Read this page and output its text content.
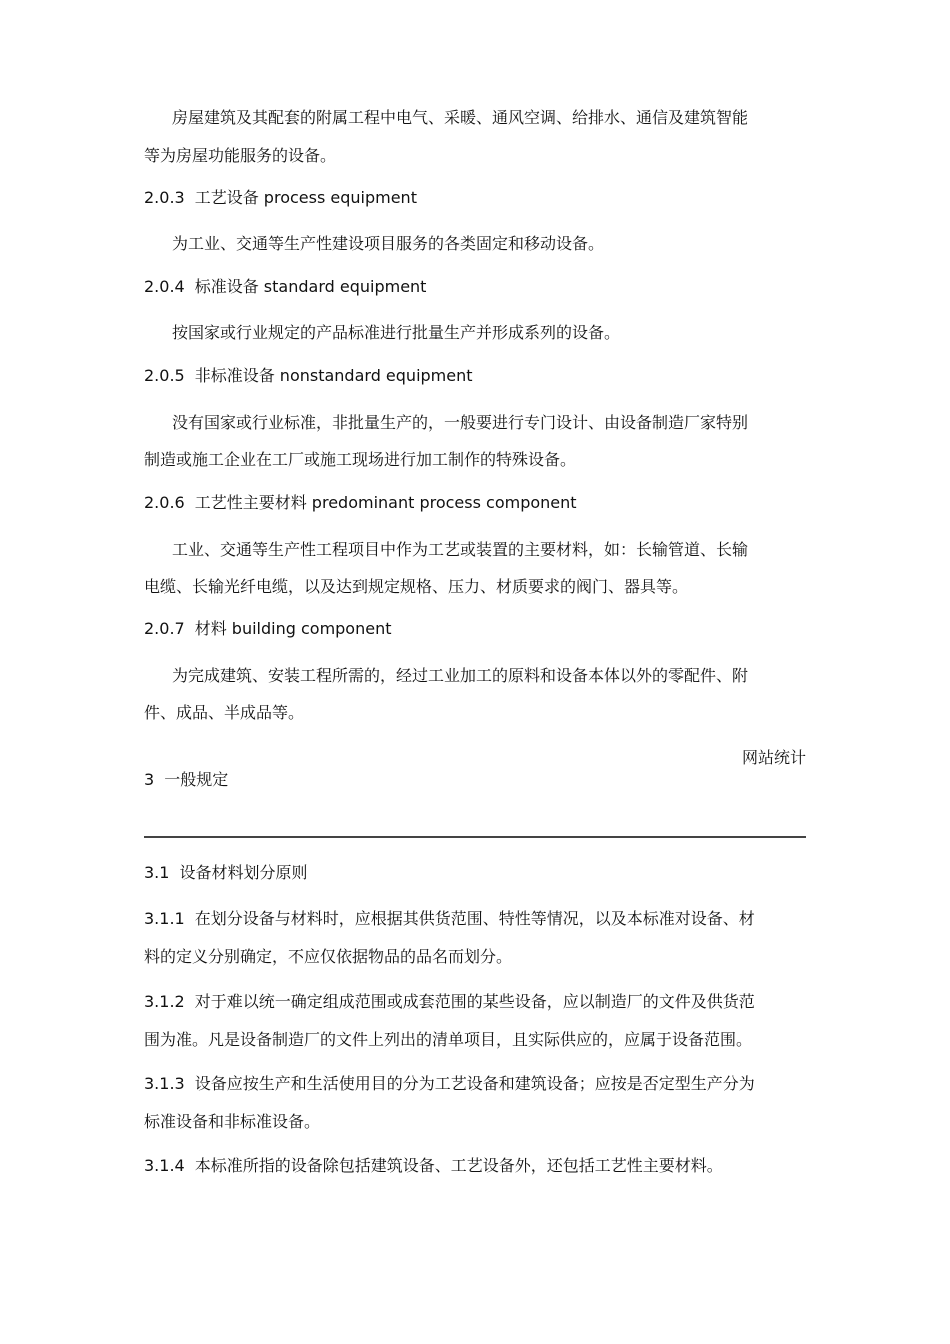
房屋建筑及其配套的附属工程中电气、采暖、通风空调、给排水、通信及建筑智能
等为房屋功能服务的设备。
2.0.3 工艺设备 process equipment
为工业、交通等生产性建设项目服务的各类固定和移动设备。
2.0.4 标准设备 standard equipment
按国家或行业规定的产品标准进行批量生产并形成系列的设备。
2.0.5 非标准设备 nonstandard equipment
没有国家或行业标准，非批量生产的，一般要进行专门设计、由设备制造厂家特别
制造或施工企业在工厂或施工现场进行加工制作的特殊设备。
2.0.6 工艺性主要材料 predominant process component
工业、交通等生产性工程项目中作为工艺或装置的主要材料，如：长输管道、长输
电缆、长输光纤电缆，以及达到规定规格、压力、材质要求的阀门、器具等。
2.0.7 材料 building component
为完成建筑、安装工程所需的，经过工业加工的原料和设备本体以外的零配件、附
件、成品、半成品等。
网站统计
3 一般规定
3.1 设备材料划分原则
3.1.1 在划分设备与材料时，应根据其供货范围、特性等情况，以及本标准对设备、材
料的定义分别确定，不应仅依据物品的品名而划分。
3.1.2 对于难以统一确定组成范围或成套范围的某些设备，应以制造厂的文件及供货范
围为准。凡是设备制造厂的文件上列出的清单项目，且实际供应的，应属于设备范围。
3.1.3 设备应按生产和生活使用目的分为工艺设备和建筑设备；应按是否定型生产分为
标准设备和非标准设备。
3.1.4 本标准所指的设备除包括建筑设备、工艺设备外，还包括工艺性主要材料。
